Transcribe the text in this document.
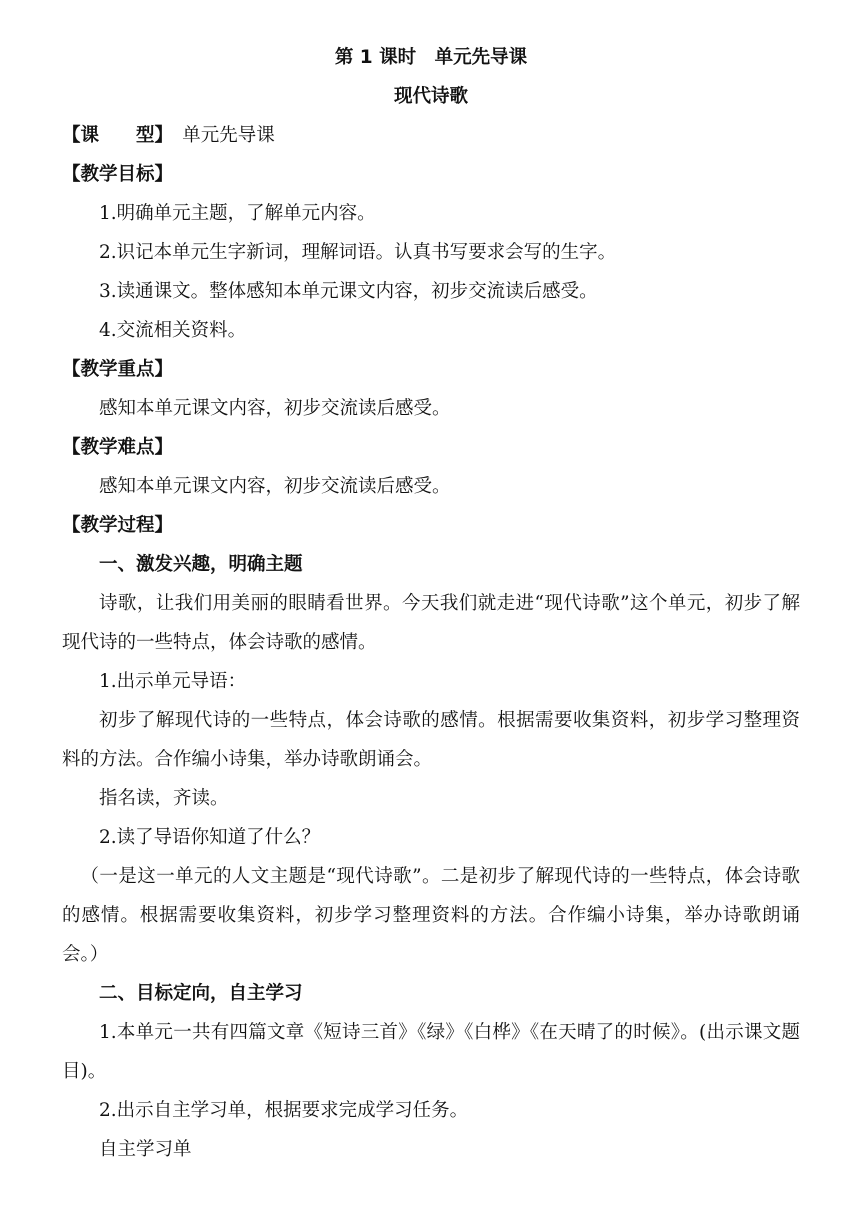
第 1 课时　单元先导课
现代诗歌
【课　　型】 单元先导课
【教学目标】
1.明确单元主题，了解单元内容。
2.识记本单元生字新词，理解词语。认真书写要求会写的生字。
3.读通课文。整体感知本单元课文内容，初步交流读后感受。
4.交流相关资料。
【教学重点】
感知本单元课文内容，初步交流读后感受。
【教学难点】
感知本单元课文内容，初步交流读后感受。
【教学过程】
一、激发兴趣，明确主题
诗歌，让我们用美丽的眼睛看世界。今天我们就走进“现代诗歌”这个单元，初步了解现代诗的一些特点，体会诗歌的感情。
1.出示单元导语：
初步了解现代诗的一些特点，体会诗歌的感情。根据需要收集资料，初步学习整理资料的方法。合作编小诗集，举办诗歌朗诵会。
指名读，齐读。
2.读了导语你知道了什么？
（一是这一单元的人文主题是“现代诗歌”。二是初步了解现代诗的一些特点，体会诗歌的感情。根据需要收集资料，初步学习整理资料的方法。合作编小诗集，举办诗歌朗诵会。）
二、目标定向，自主学习
1.本单元一共有四篇文章《短诗三首》《绿》《白桦》《在天晴了的时候》。(出示课文题目)。
2.出示自主学习单，根据要求完成学习任务。
自主学习单
